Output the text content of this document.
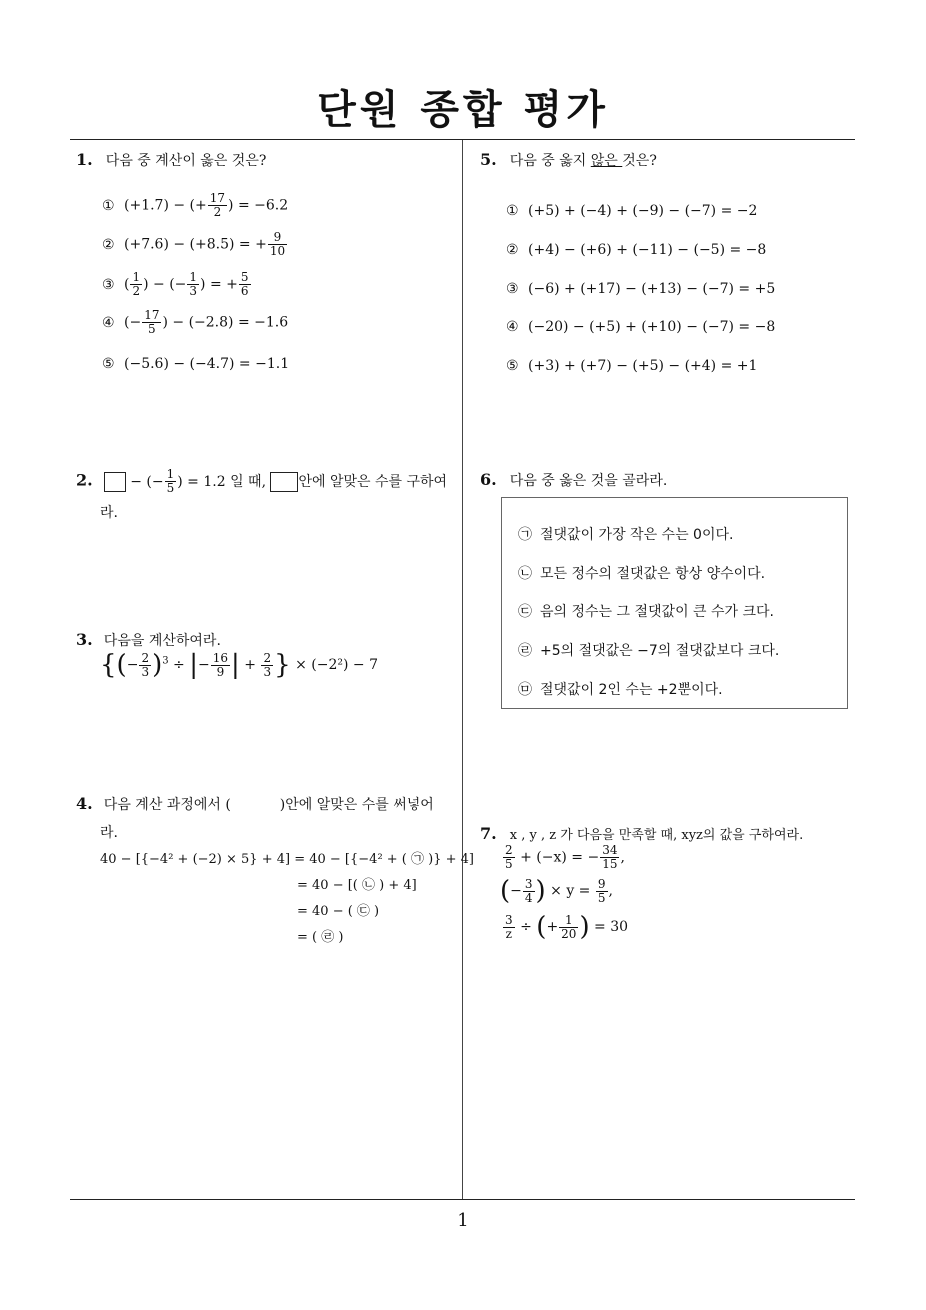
단원 종합 평가
1. 다음 중 계산이 옳은 것은?
① (+1.7) − (+ $\frac{17}{2}$ ) = −6.2
② (+7.6) − (+8.5) = + $\frac{9}{10}$
③ ( $\frac{1}{2}$ ) − (− $\frac{1}{3}$ ) = + $\frac{5}{6}$
④ (− $\frac{17}{5}$ ) − (−2.8) = −1.6
⑤ (−5.6) − (−4.7) = −1.1
2.  − (− $\frac{1}{5}$ ) = 1.2 일 때, 안에 알맞은 수를 구하여
라.
3. 다음을 계산하여라.
{(− $\frac{2}{3} )^3$ ÷ |− $\frac{16}{9}$ | + $\frac{2}{3}$ } × (−2²) − 7
4. 다음 계산 과정에서 (           )안에 알맞은 수를 써넣어
라.
40 − [{−4² + (−2) × 5} + 4] = 40 − [{−4² + ( ㉠ )} + 4]
= 40 − [( ㉡ ) + 4]
= 40 − ( ㉢ )
= ( ㉣ )
5. 다음 중 옳지 않은 것은?
① (+5) + (−4) + (−9) − (−7) = −2
② (+4) − (+6) + (−11) − (−5) = −8
③ (−6) + (+17) − (+13) − (−7) = +5
④ (−20) − (+5) + (+10) − (−7) = −8
⑤ (+3) + (+7) − (+5) − (+4) = +1
6. 다음 중 옳은 것을 골라라.
㉠ 절댓값이 가장 작은 수는 0이다.
㉡ 모든 정수의 절댓값은 항상 양수이다.
㉢ 음의 정수는 그 절댓값이 큰 수가 크다.
㉣ +5의 절댓값은 −7의 절댓값보다 크다.
㉤ 절댓값이 2인 수는 +2뿐이다.
7. x , y , z 가 다음을 만족할 때, xyz의 값을 구하여라.
$\frac{2}{5} + (-x)$ = − $\frac{34}{15}$ ,
(− $\frac{3}{4}$ ) × $y = \frac{9}{5}$ ,
$\frac{3}{z}$ ÷ (+ $\frac{1}{20}$ ) = 30
1
